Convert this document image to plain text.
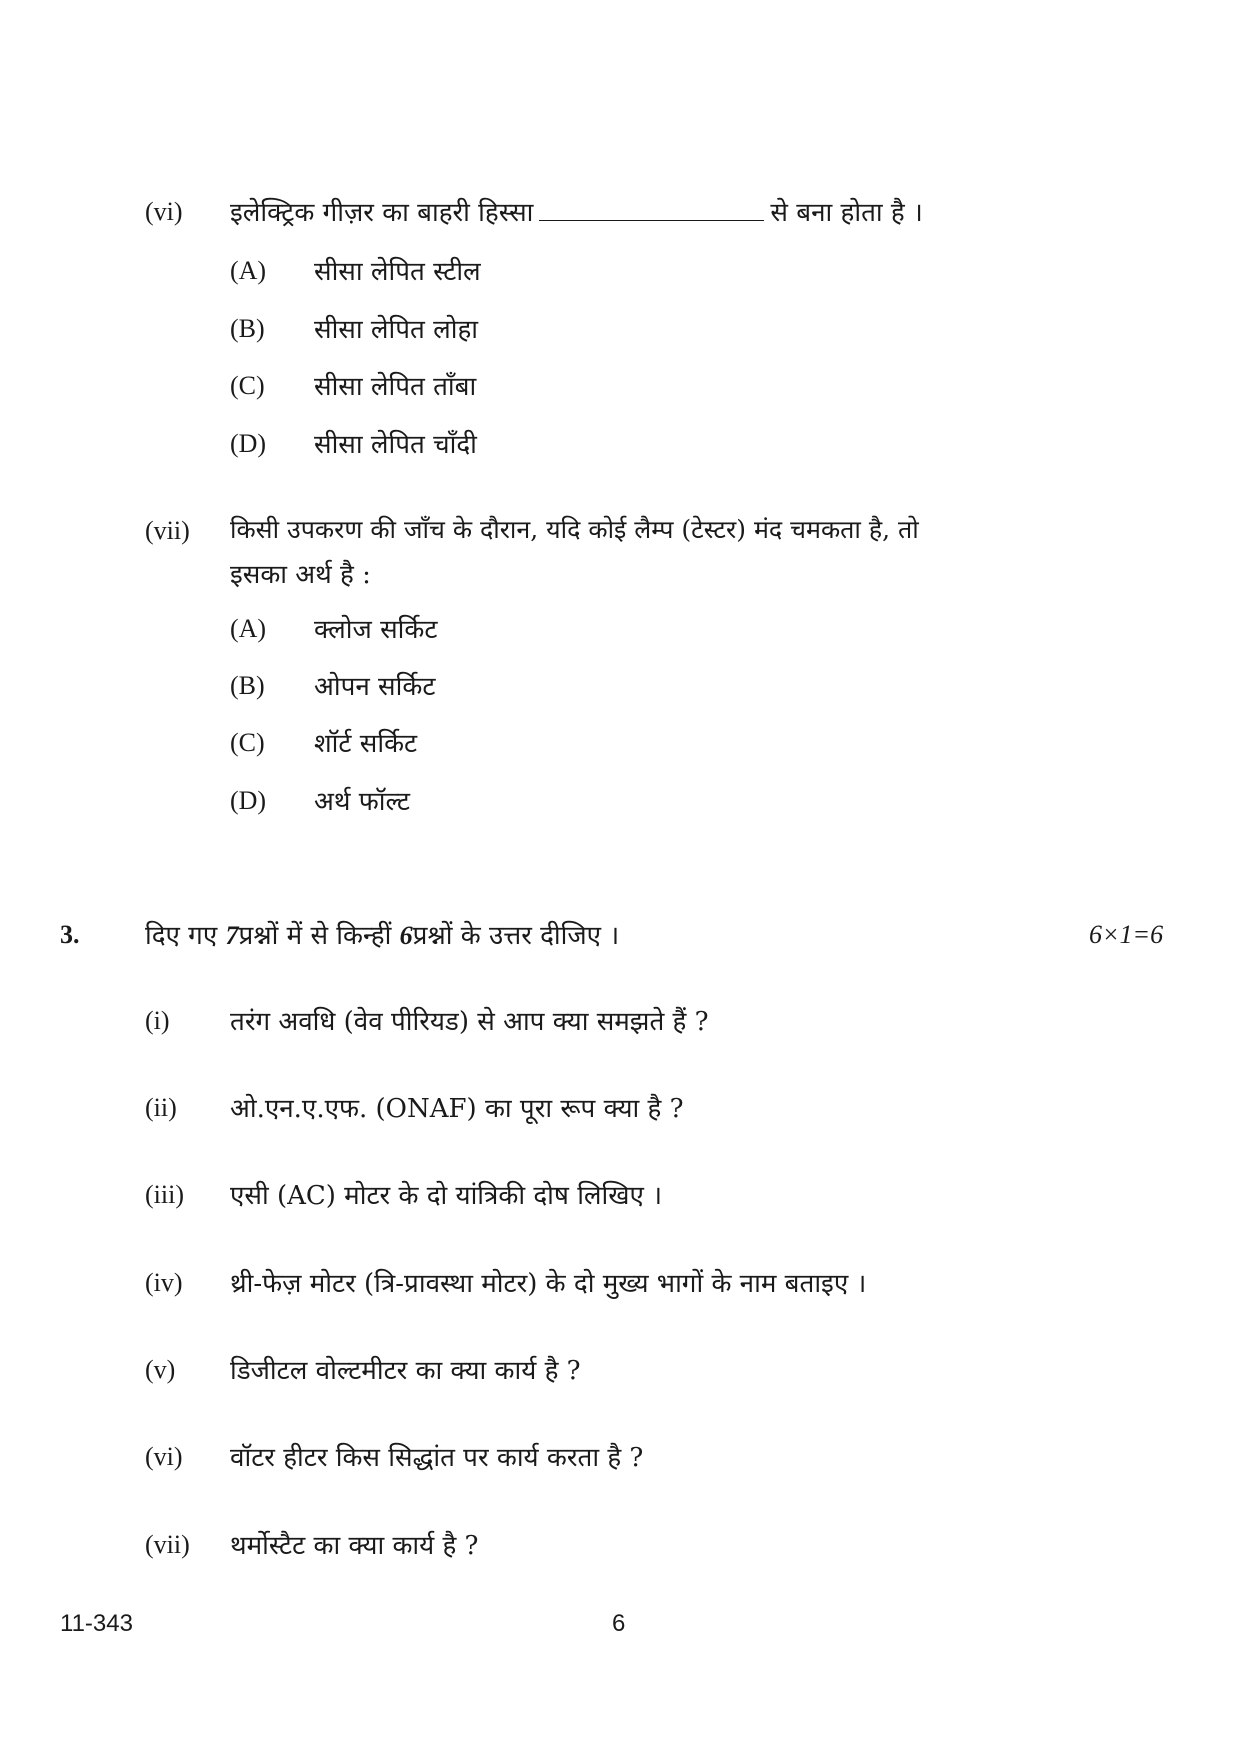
(vi) इलेक्ट्रिक गीज़र का बाहरी हिस्सा	से बना होता है ।
(A) सीसा लेपित स्टील
(B) सीसा लेपित लोहा
(C) सीसा लेपित ताँबा
(D) सीसा लेपित चाँदी
(vii) किसी उपकरण की जाँच के दौरान, यदि कोई लैम्प (टेस्टर) मंद चमकता है, तो
इसका अर्थ है :
(A) क्लोज सर्किट
(B) ओपन सर्किट
(C) शॉर्ट सर्किट
(D) अर्थ फॉल्ट
3.	दिए गए 7प्रश्नों में से किन्हीं 6प्रश्नों के उत्तर दीजिए ।	6×1=6
(i) तरंग अवधि (वेव पीरियड) से आप क्या समझते हैं ?
(ii) ओ.एन.ए.एफ. (ONAF) का पूरा रूप क्या है ?
(iii) एसी (AC) मोटर के दो यांत्रिकी दोष लिखिए ।
(iv) थ्री-फेज़ मोटर (त्रि-प्रावस्था मोटर) के दो मुख्य भागों के नाम बताइए ।
(v) डिजीटल वोल्टमीटर का क्या कार्य है ?
(vi) वॉटर हीटर किस सिद्धांत पर कार्य करता है ?
(vii) थर्मोस्टैट का क्या कार्य है ?
11-343	6
